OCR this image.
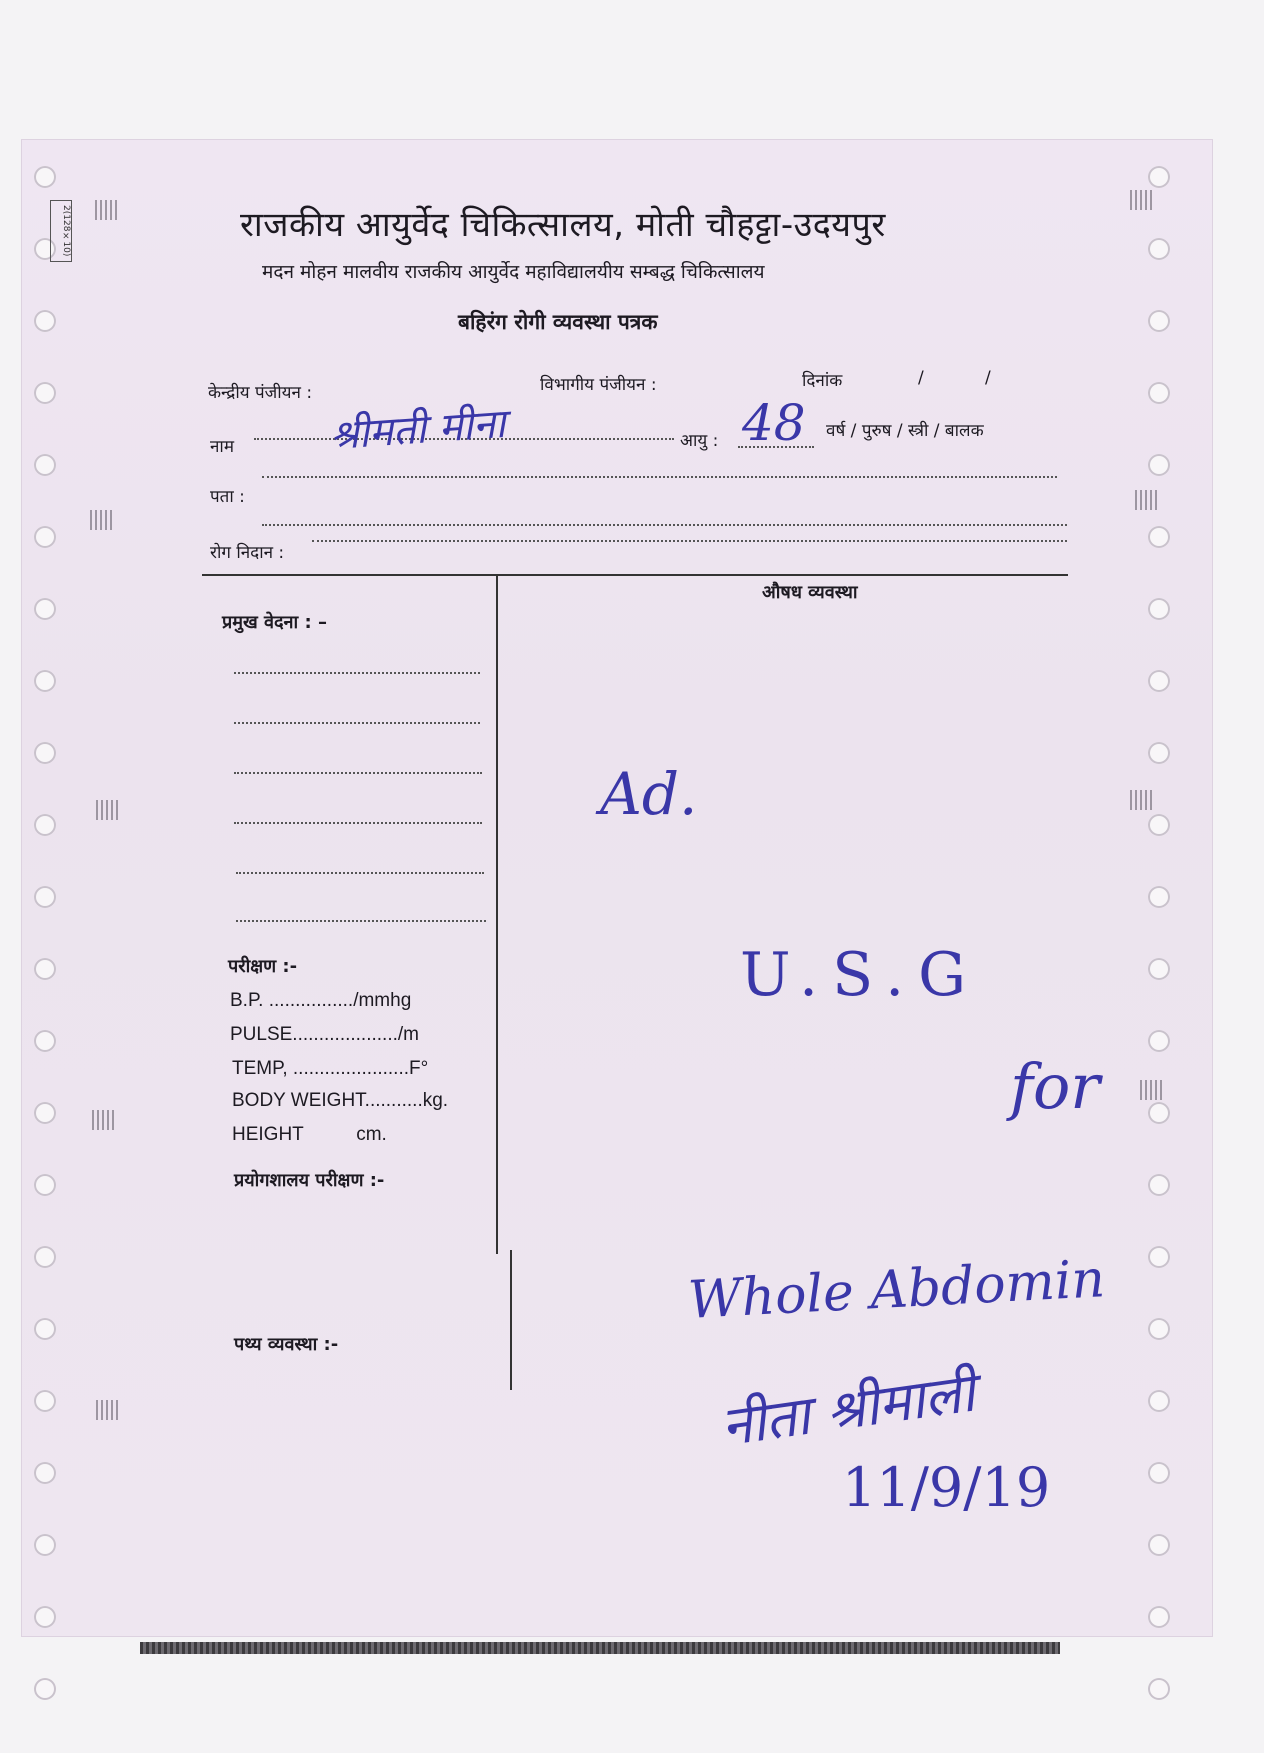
2(128×10)	राजकीय आयुर्वेद चिकित्सालय, मोती चौहट्टा-उदयपुर
मदन मोहन मालवीय राजकीय आयुर्वेद महाविद्यालयीय सम्बद्ध चिकित्सालय
बहिरंग रोगी व्यवस्था पत्रक
केन्द्रीय पंजीयन :	विभागीय पंजीयन :	दिनांक	/	/
नाम श्रीमती मीना	आयु : 48 वर्ष / पुरुष / स्त्री / बालक
पता :
रोग निदान :
प्रमुख वेदना : –
परीक्षण :-
B.P. ................/mmhg
PULSE..................../m
TEMP, ......................F°
BODY WEIGHT...........kg.
HEIGHT          cm.
प्रयोगशालय परीक्षण :-
पथ्य व्यवस्था :-
औषध व्यवस्था
Ad.
U.S.G
for
Whole Abdomin
नीता श्रीमाली
11/9/19
